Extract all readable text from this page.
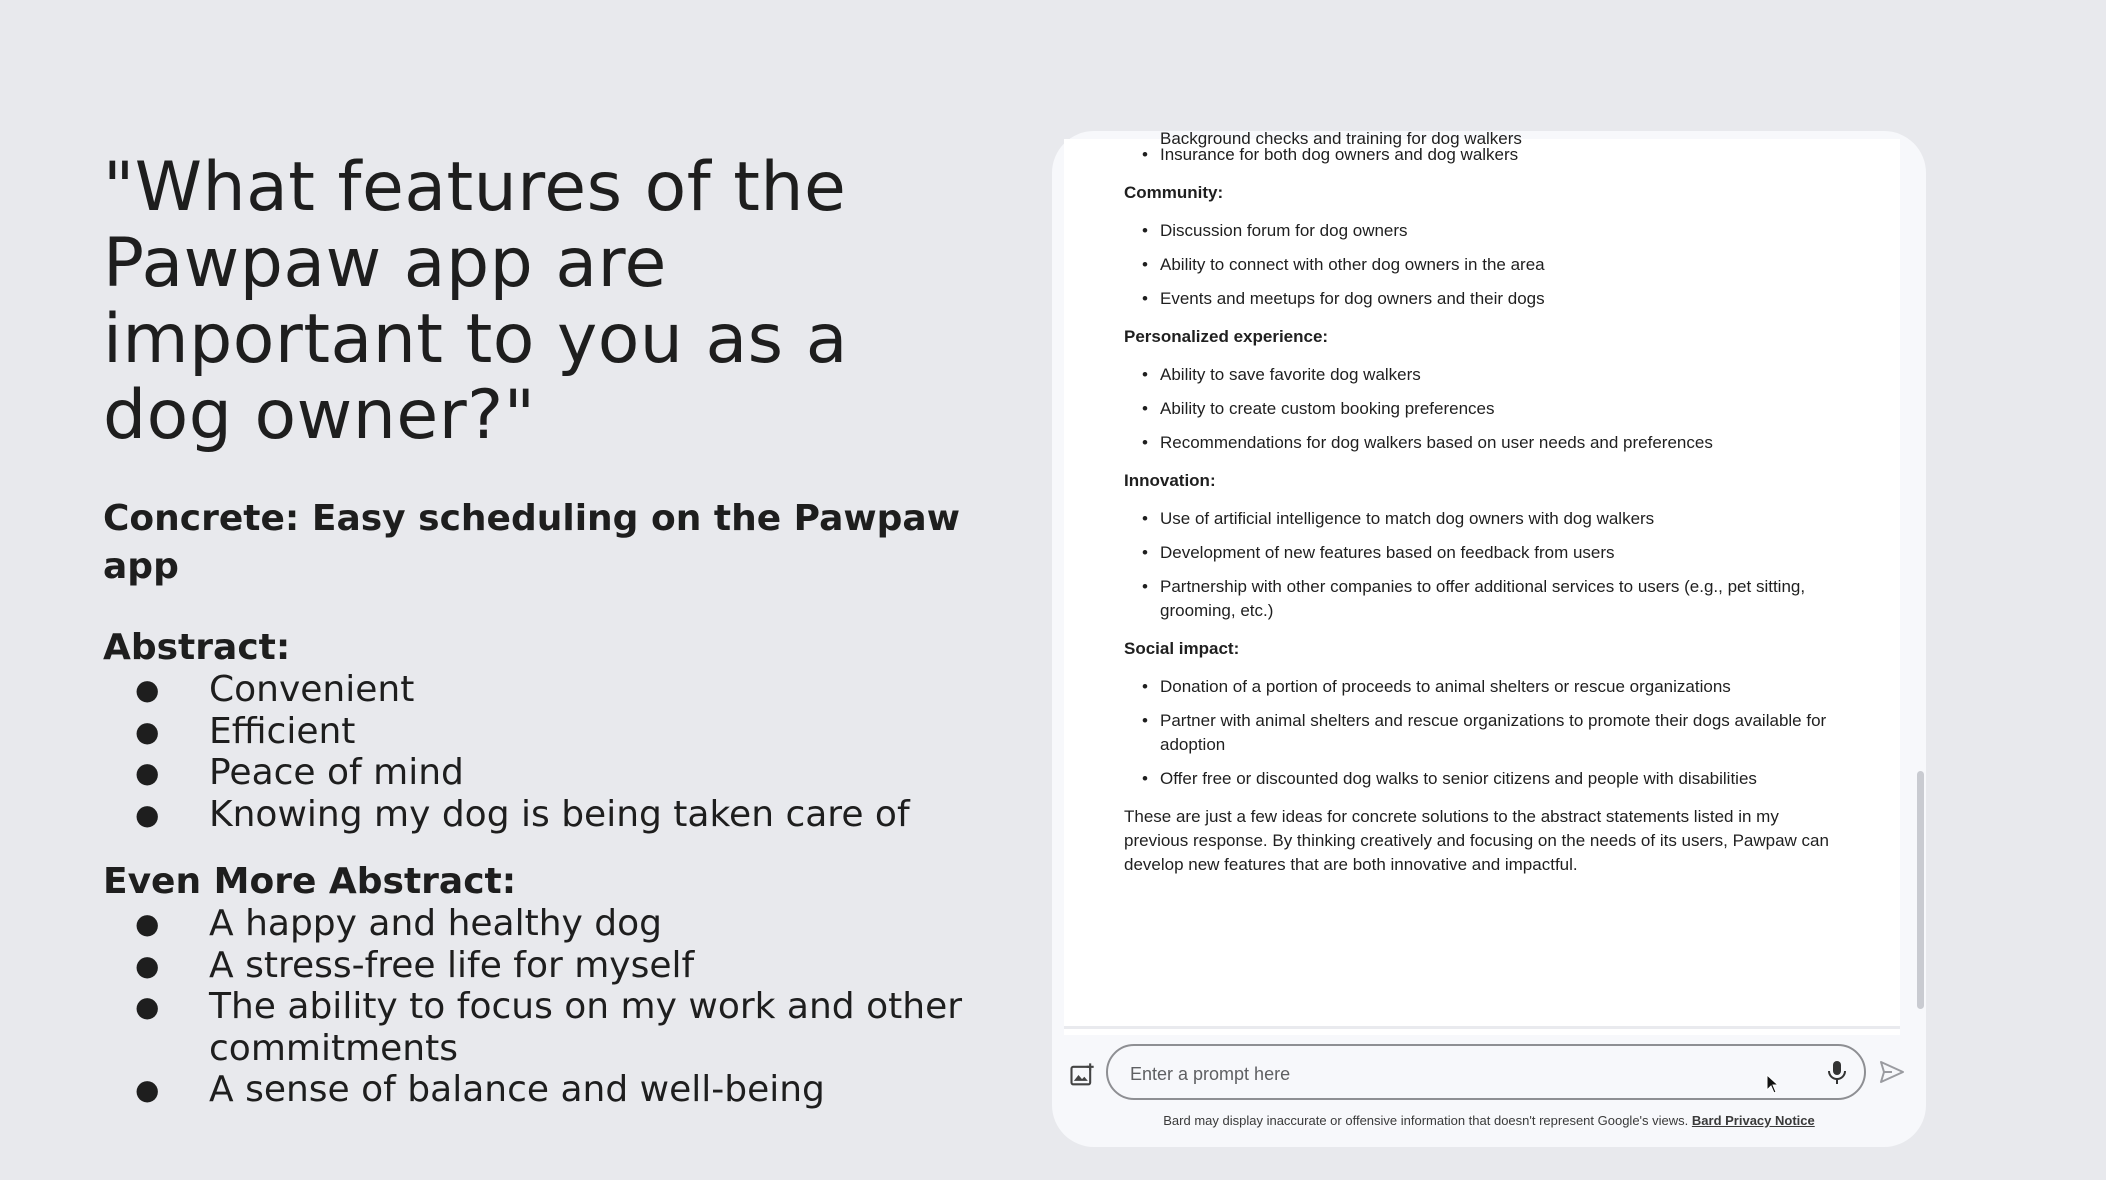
"What features of the Pawpaw app are important to you as a dog owner?"

Concrete: Easy scheduling on the Pawpaw app

Abstract:

● Convenient
● Efficient
● Peace of mind
● Knowing my dog is being taken care of

Even More Abstract:

● A happy and healthy dog
● A stress-free life for myself
● The ability to focus on my work and other commitments
● A sense of balance and well-being
Background checks and training for dog walkers
• Insurance for both dog owners and dog walkers

Community:

• Discussion forum for dog owners
• Ability to connect with other dog owners in the area
• Events and meetups for dog owners and their dogs

Personalized experience:

• Ability to save favorite dog walkers
• Ability to create custom booking preferences
• Recommendations for dog walkers based on user needs and preferences

Innovation:

• Use of artificial intelligence to match dog owners with dog walkers
• Development of new features based on feedback from users
• Partnership with other companies to offer additional services to users (e.g., pet sitting, grooming, etc.)

Social impact:

• Donation of a portion of proceeds to animal shelters or rescue organizations
• Partner with animal shelters and rescue organizations to promote their dogs available for adoption
• Offer free or discounted dog walks to senior citizens and people with disabilities

These are just a few ideas for concrete solutions to the abstract statements listed in my previous response. By thinking creatively and focusing on the needs of its users, Pawpaw can develop new features that are both innovative and impactful.

Enter a prompt here
Bard may display inaccurate or offensive information that doesn't represent Google's views. Bard Privacy Notice
